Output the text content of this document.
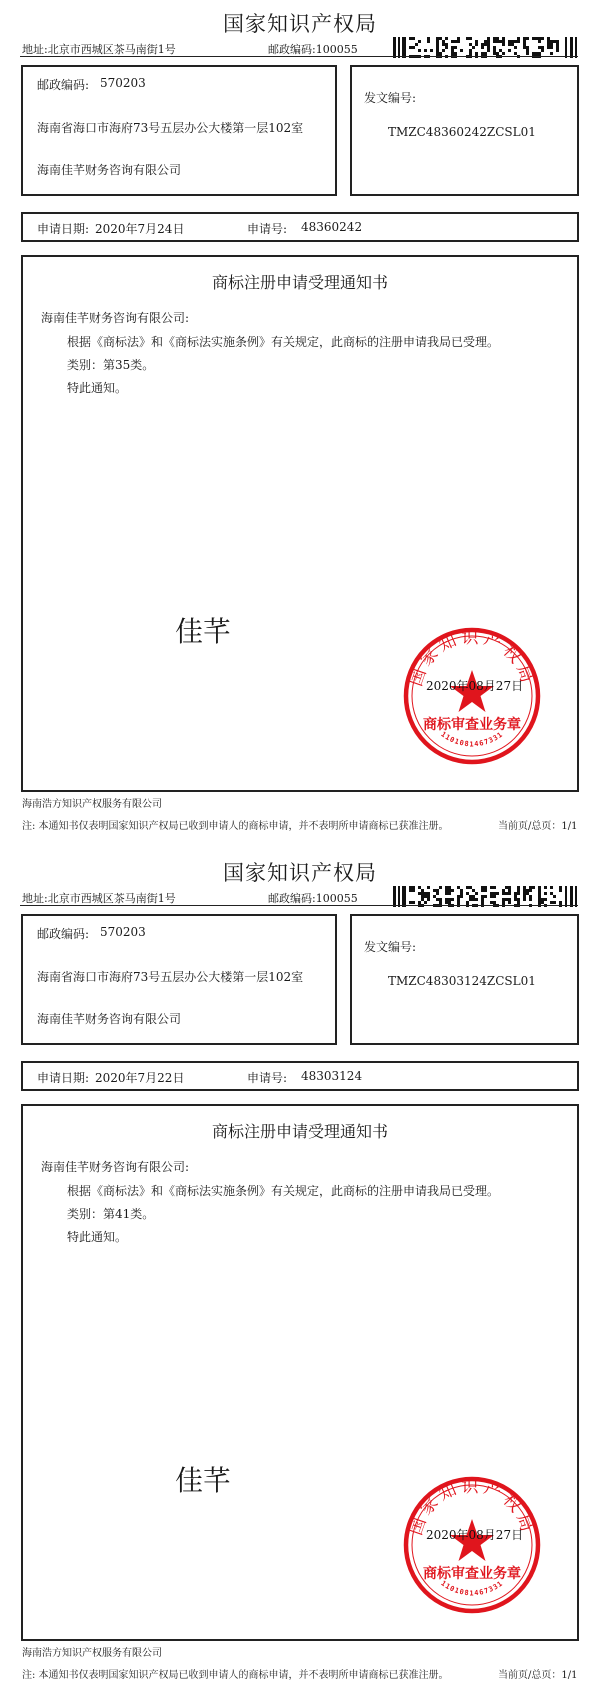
国家知识产权局
地址:北京市西城区茶马南街1号	邮政编码:100055
邮政编码: 570203
海南省海口市海府73号五层办公大楼第一层102室
海南佳芊财务咨询有限公司
发文编号:
TMZC48360242ZCSL01
申请日期: 2020年7月24日	申请号: 48360242
商标注册申请受理通知书
海南佳芊财务咨询有限公司:
根据《商标法》和《商标法实施条例》有关规定，此商标的注册申请我局已受理。
类别：第35类。
特此通知。
佳芊
国家知识产权局
1101081467331
商标审查业务章
2020年08月27日
海南浩方知识产权服务有限公司
注: 本通知书仅表明国家知识产权局已收到申请人的商标申请，并不表明所申请商标已获准注册。	当前页/总页：1/1
国家知识产权局
地址:北京市西城区茶马南街1号	邮政编码:100055
邮政编码: 570203
海南省海口市海府73号五层办公大楼第一层102室
海南佳芊财务咨询有限公司
发文编号:
TMZC48303124ZCSL01
申请日期: 2020年7月22日	申请号: 48303124
商标注册申请受理通知书
海南佳芊财务咨询有限公司:
根据《商标法》和《商标法实施条例》有关规定，此商标的注册申请我局已受理。
类别：第41类。
特此通知。
佳芊
国家知识产权局
1101081467331
商标审查业务章
2020年08月27日
海南浩方知识产权服务有限公司
注: 本通知书仅表明国家知识产权局已收到申请人的商标申请，并不表明所申请商标已获准注册。	当前页/总页：1/1
